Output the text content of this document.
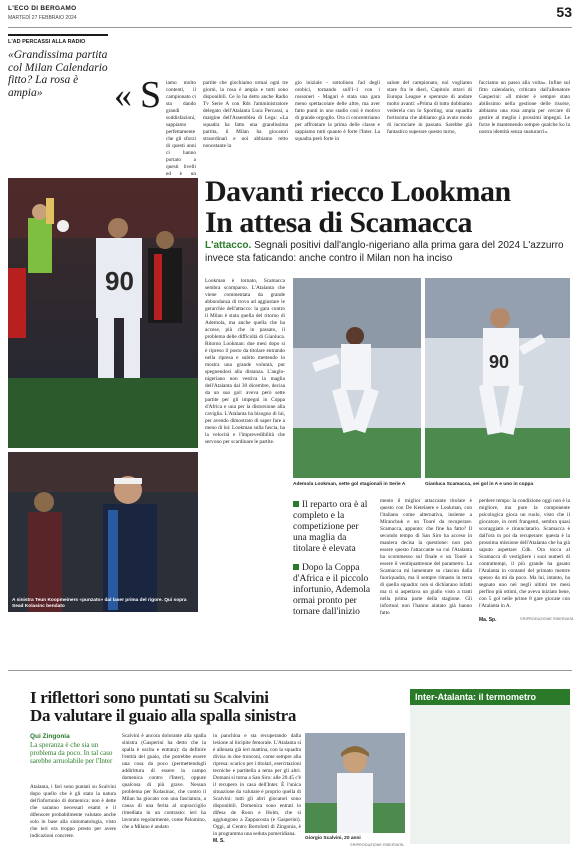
L'ECO DI BERGAMO
MARTEDÌ 27 FEBBRAIO 2024	53
L'AD PERCASSI ALLA RADIO
«Grandissima partita col Milan Calendario fitto? La rosa è ampia»	« S iamo molto contenti, il campionato ci sta dando grandi soddisfazioni, sappiamo perfettamente che gli sforzi di questi anni ci hanno portato a questi livelli ed è un
partite che giochiamo ormai ogni tre giorni, la rosa è ampia e tutti sono disponibili. Ce lo ha detto anche Radio Tv Serie A con Rds l'amministratore delegato dell'Atalanta Luca Percassi, a margine dell'Assemblea di Lega: «La squadra ha fatto una grandissima partita, il Milan ha giocatori straordinari e noi abbiamo retto nonostante la
gio iniziale - sottolinea l'ad degli orobici, tornando sull'1-1 con i rossoneri - Magari è stata una gara meno spettacolare delle altre, ma aver fatto punti in uno stadio così è motivo di grande orgoglio. Ora ci concentriamo per affrontare la prima delle classe e sappiamo tutti quanto è forte l'Inter. La squadra però forte in
salute del campionato, noi vogliamo stare fra le dieci, Capitolo ottavi di Europa League e speranze di andare molto avanti: «Prima di tutto dobbiamo vederela con lo Sporting, una squadra fortissima che abbiamo già avuto modo di incrociare in passato. Sarebbe già fantastico superare questo turno,
facciamo un passo alla volta». Infine sul fitto calendario, criticato dall'allenatore Gasperini: «Il mister è sempre stato abilissimo nella gestione delle risorse, abbiamo una rosa ampia per cercare di gestire al meglio i prossimi impegni. Le forze le mantenendo sempre qualche ko la nostra identità senza snaturarci».
90
Davanti riecco Lookman
In attesa di Scamacca
L'attacco. Segnali positivi dall'anglo-nigeriano alla prima gara del 2024 L'azzurro invece sta faticando: anche contro il Milan non ha inciso
Lookman è tornato, Scamacca sembra scomparso. L'Atalanta che viene commentata da grande abbondanza di trova ad aggiustare le gerarchie dell'attacco: la gara contro il Milan è stata quella del ritorno di Ademola, ma anche quella che ha accese, più che in passato, il problema delle difficoltà di Gianluca. Ritorno Lookman: due mesi dopo si è ripreso il posto da titolare entrando nella ripresa e subito mettendo in mostra una grande voluntà, pur spegnendosi alla distanza. L'anglo-nigeriano non vestiva la maglia dell'Atalanta dal 30 dicembre, decisa da un suo gol: aveva però sette partite per gli impegni in Coppa d'Africa e una per la distorsione alla caviglia. L'Atalanta ha bisogno di lui, per avendo dimostrato di saper fare a meno di lui: Lookman sulla fascia, ha la velocità e l'imprevedibilità che servono per scardinare le partite.
90
Ademola Lookman, sette gol stagionali in Serie A	Gianluca Scamacca, sei gol in A e uno in coppa
A sinistra Teun Koopmeiners «punzato» dal laser prima del rigore. Qui sopra Sead Kolasinc bendato
Il reparto ora è al completo e la competizione per una maglia da titolare è elevata
Dopo la Coppa d'Africa e il piccolo infortunio, Ademola ormai pronto per tornare dall'inizio
mento il miglior attaccante titolare è questo con De Ketelaere e Lookman, con l'italiano come alternativa, insieme a Miranchuk e un Touré da recuperare. Scamacca, appunto: che fine ha fatto? Il secondo tempo di San Siro ha acceso in maniera decisa la questione: non può essere questo l'attaccante su cui l'Atalanta ha scommesso sul finale e un Touré a essere il ventiquattrenne del parametro. La Scamacca mi lamentare su ciascun dalla fuoriquadra, ma il sempre rimasto in terra di quella squadra: non si dichiarano infatti ma ci si aspettava un giallo visto a tratti nella prima parte della stagione. Gli infortuni non l'hanno aiutato già hanno fatto
perdere tempo: la condizione oggi non è la migliore, ma pure la componente psicologica gioca un ruolo, visto che il giocatore, in certi frangenti, sembra quasi scoraggiato e rinunciatario. Scamacca è dall'ora in poi da recuperare: questa è la prossima missione dell'Atalanta che ha già saputo aspettare Cdk. Ora tocca al Scamacca di vestigliere i suoi numeri di contrattempi, il più grande ha gasato l'Atalanta in contanti del primato mentre spesso da mi da poco. Ma lui, intanto, ha segnato uno nei negli ultimi tre mesi perfino più ottimi, che aveva iniziato bene, con 5 gol nelle prime 8 gare giocate con l'Atalanta in A.
Ma. Sp.	©RIPRODUZIONE RISERVATA
I riflettori sono puntati su Scalvini
Da valutare il guaio alla spalla sinistra
Qui Zingonia
La speranza è che sia un problema da poco. In tal caso sarebbe arruolabile per l'Inter
Atalanta, i fari sono puntati su Scalvini dopo quello che è gli stato la natura dell'infortunio di domenica: non è dette che saranno necessari esami e il difensore probabilmente valutato anche solo in base alla sintomatologia, visto che ieri era troppo presto per avere indicazioni concrete.
Scalvini è ancora dolorante alla spalla sinistra (Gasperini ha detto che la spalla è uscita e entrata): da definire l'entità del guaio, che potrebbe essere una cosa da poco (permettendogli addirittura di essere in campo domenica contro l'Inter), oppure qualcosa di più grave. Nessun problema per Kolasinac, che contro il Milan ha giocato con una fasciatura, a causa di una ferita al sopracciglio rimediata in un contrasto: ieri ha lavorato regolarmente, come Palomino, che a Milano è andato
in panchina e sta recuperando dalla lesione al bicipite femorale. L'Atalanta si è allenata già ieri mattina, con la squadra divisa in due tronconi, come sempre alla ripresa: scarico per i titolari, esercitazioni tecniche e partitella a tema per gli altri. Domani si torna a San Siro: alle 20.45 c'è il recupero in casa dell'Inter. È l'unica situazione da valutare è proprio quella di Scalvini: tutti gli altri giocatori sono disponibili. Domenica sono entrati in difesa de Roon e Holm, che si aggiungono a Zappacosta (e Gasperini). Oggi, al Centro Bortolotti di Zingonia, è in programma una seduta pomeridiana.
M. S.	Giorgio Scalvini, 20 anni
©RIPRODUZIONE RISERVATA
Inter-Atalanta: il termometro
